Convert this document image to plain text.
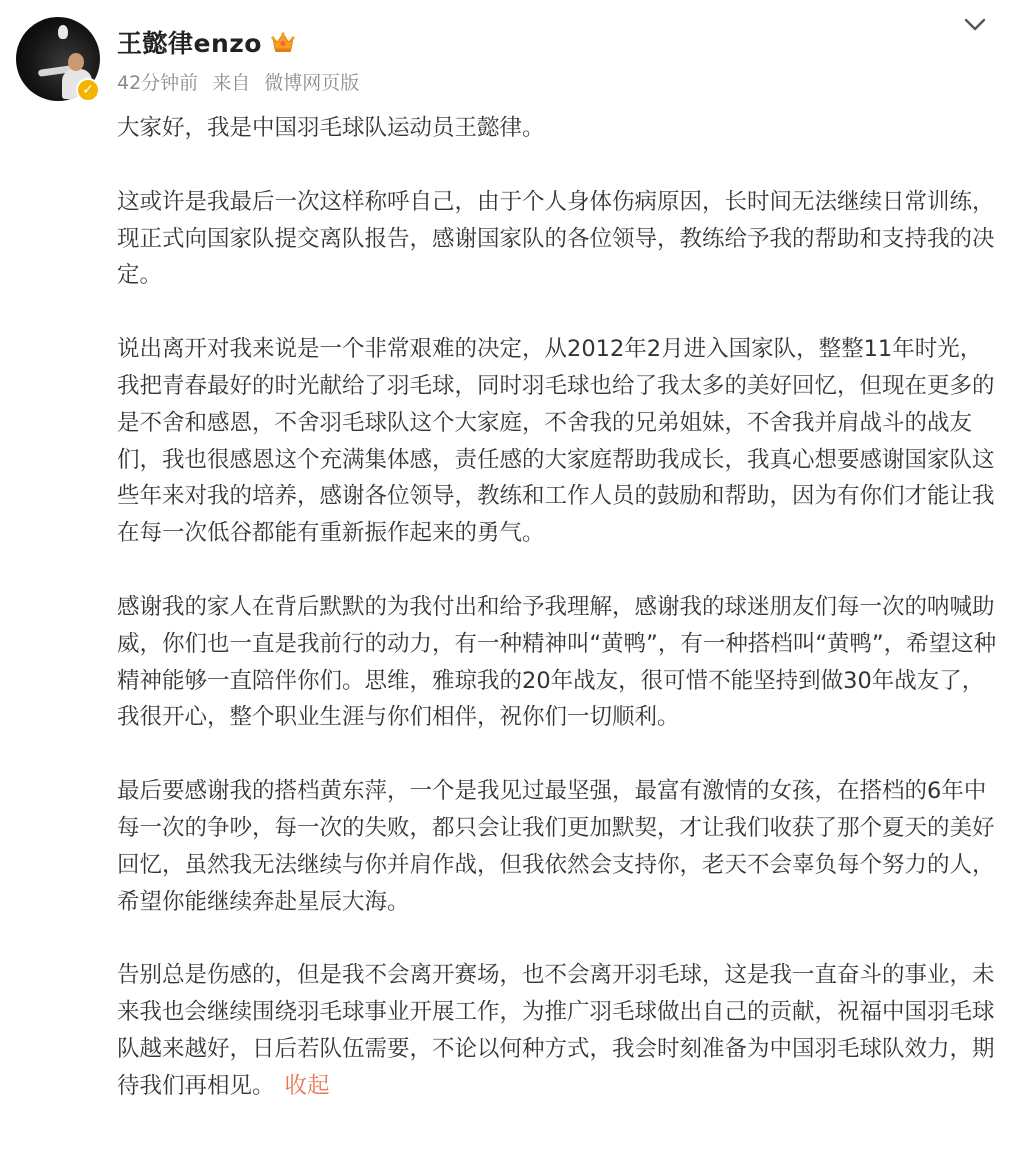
✓
王懿律enzo
42分钟前 来自 微博网页版

大家好，我是中国羽毛球队运动员王懿律。

这或许是我最后一次这样称呼自己，由于个人身体伤病原因，长时间无法继续日常训练，现正式向国家队提交离队报告，感谢国家队的各位领导，教练给予我的帮助和支持我的决定。

说出离开对我来说是一个非常艰难的决定，从2012年2月进入国家队，整整11年时光，我把青春最好的时光献给了羽毛球，同时羽毛球也给了我太多的美好回忆，但现在更多的是不舍和感恩，不舍羽毛球队这个大家庭，不舍我的兄弟姐妹，不舍我并肩战斗的战友们，我也很感恩这个充满集体感，责任感的大家庭帮助我成长，我真心想要感谢国家队这些年来对我的培养，感谢各位领导，教练和工作人员的鼓励和帮助，因为有你们才能让我在每一次低谷都能有重新振作起来的勇气。

感谢我的家人在背后默默的为我付出和给予我理解，感谢我的球迷朋友们每一次的呐喊助威，你们也一直是我前行的动力，有一种精神叫“黄鸭”，有一种搭档叫“黄鸭”，希望这种精神能够一直陪伴你们。思维，雅琼我的20年战友，很可惜不能坚持到做30年战友了，我很开心，整个职业生涯与你们相伴，祝你们一切顺利。

最后要感谢我的搭档黄东萍，一个是我见过最坚强，最富有激情的女孩，在搭档的6年中每一次的争吵，每一次的失败，都只会让我们更加默契，才让我们收获了那个夏天的美好回忆，虽然我无法继续与你并肩作战，但我依然会支持你，老天不会辜负每个努力的人，希望你能继续奔赴星辰大海。

告别总是伤感的，但是我不会离开赛场，也不会离开羽毛球，这是我一直奋斗的事业，未来我也会继续围绕羽毛球事业开展工作，为推广羽毛球做出自己的贡献，祝福中国羽毛球队越来越好，日后若队伍需要，不论以何种方式，我会时刻准备为中国羽毛球队效力，期待我们再相见。 收起
